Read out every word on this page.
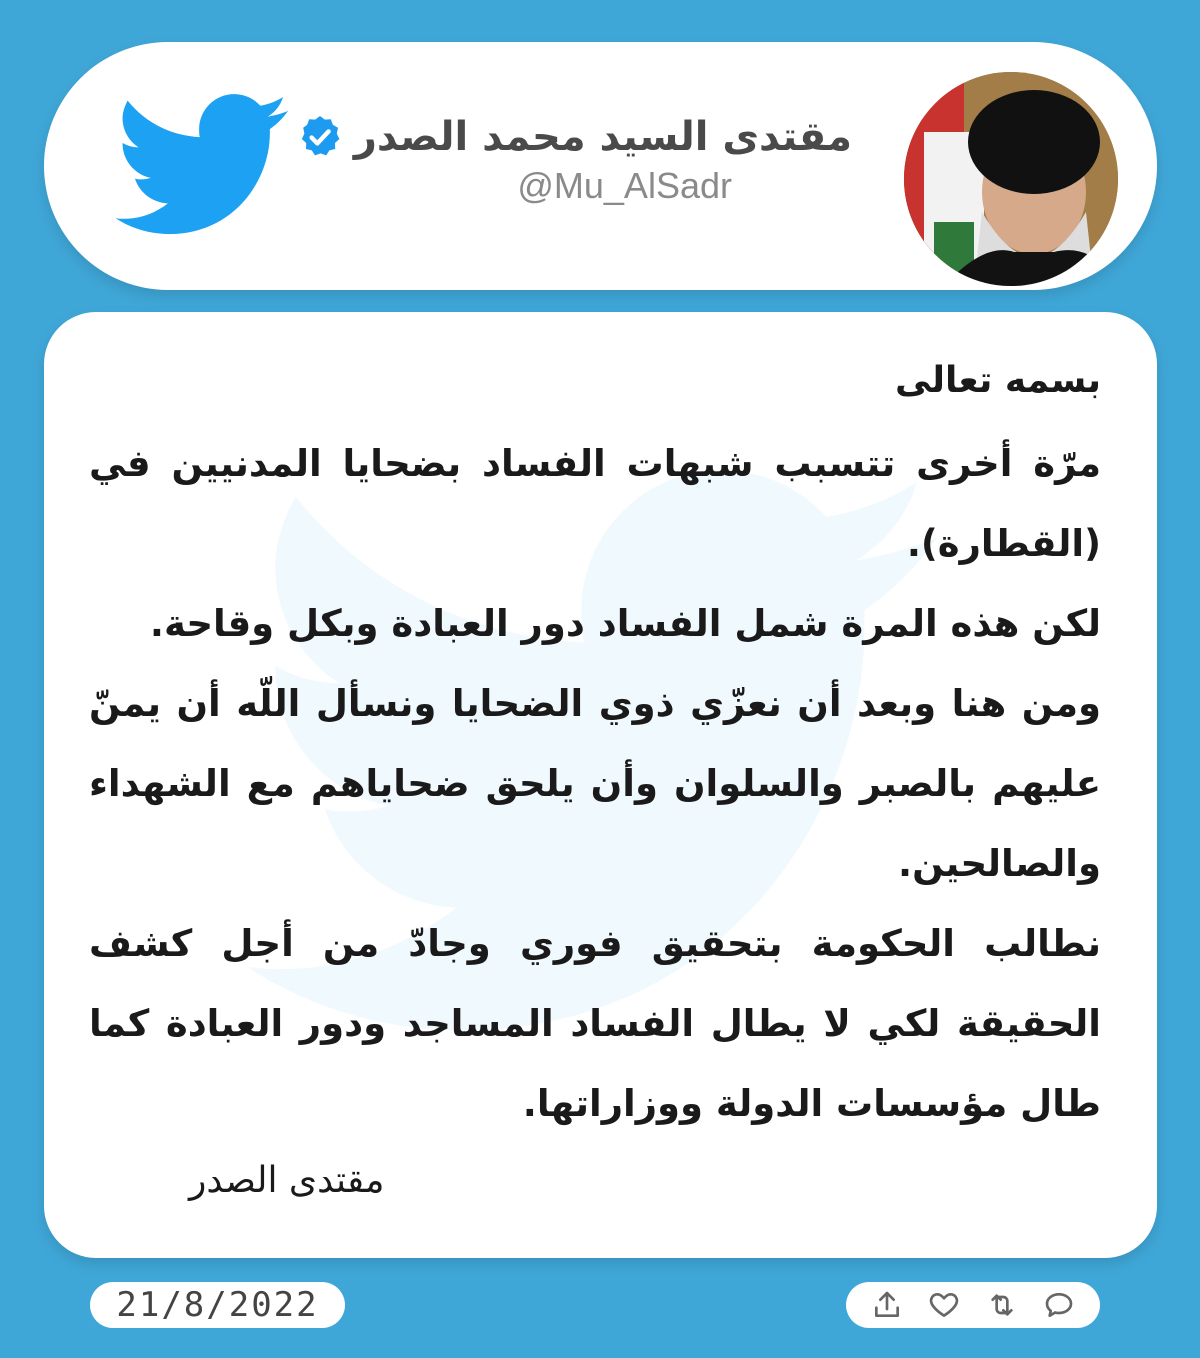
مقتدى السيد محمد الصدر
@Mu_AlSadr
بسمه تعالى
مرّة أخرى تتسبب شبهات الفساد بضحايا المدنيين في (القطارة).
لكن هذه المرة شمل الفساد دور العبادة وبكل وقاحة.
ومن هنا وبعد أن نعزّي ذوي الضحايا ونسأل اللّه أن يمنّ عليهم بالصبر والسلوان وأن يلحق ضحاياهم مع الشهداء والصالحين.
نطالب الحكومة بتحقيق فوري وجادّ من أجل كشف الحقيقة لكي لا يطال الفساد المساجد ودور العبادة كما طال مؤسسات الدولة ووزاراتها.
مقتدى الصدر
21/8/2022
